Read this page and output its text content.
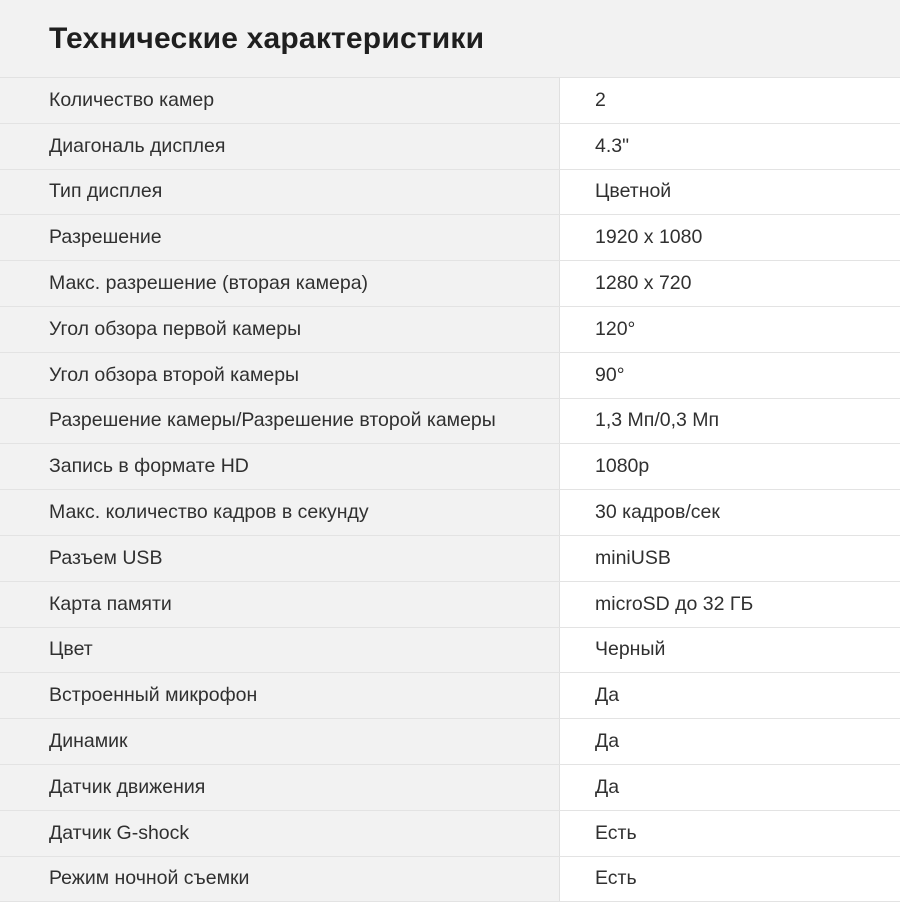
Технические характеристики
Количество камер	2
Диагональ дисплея	4.3"
Тип дисплея	Цветной
Разрешение	1920 x 1080
Макс. разрешение (вторая камера)	1280 x 720
Угол обзора первой камеры	120°
Угол обзора второй камеры	90°
Разрешение камеры/Разрешение второй камеры	1,3 Мп/0,3 Мп
Запись в формате HD	1080p
Макс. количество кадров в секунду	30 кадров/сек
Разъем USB	miniUSB
Карта памяти	microSD до 32 ГБ
Цвет	Черный
Встроенный микрофон	Да
Динамик	Да
Датчик движения	Да
Датчик G-shock	Есть
Режим ночной съемки	Есть
